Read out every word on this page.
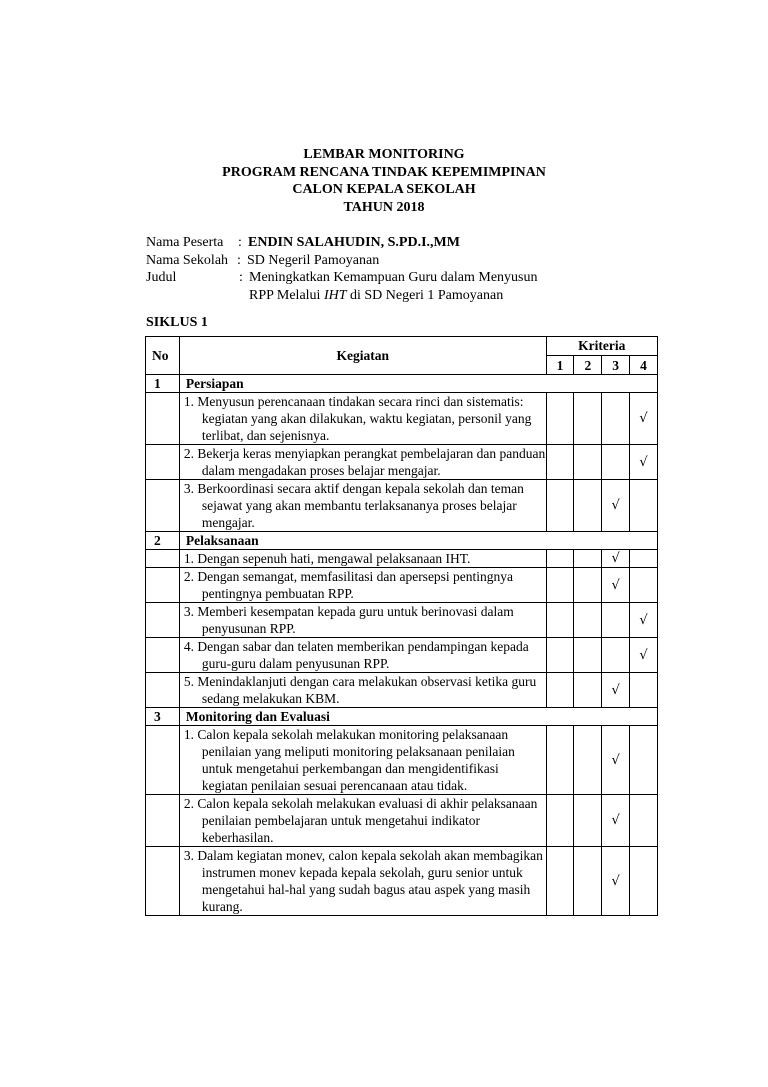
LEMBAR MONITORING
PROGRAM RENCANA TINDAK KEPEMIMPINAN
CALON KEPALA SEKOLAH
TAHUN 2018
Nama Peserta : ENDIN SALAHUDIN, S.PD.I.,MM
Nama Sekolah : SD Negeril Pamoyanan
Judul	: Meningkatkan Kemampuan Guru dalam Menyusun
RPP Melalui IHT di SD Negeri 1 Pamoyanan
SIKLUS 1
No	Kegiatan	Kriteria			
		1	2	3	4
1	Persiapan				

	1. Menyusun perencanaan tindakan secara rinci dan sistematis: kegiatan yang akan dilakukan, waktu kegiatan, personil yang terlibat, dan sejenisnya.				√

	2. Bekerja keras menyiapkan perangkat pembelajaran dan panduan dalam mengadakan proses belajar mengajar.				√

	3. Berkoordinasi secara aktif dengan kepala sekolah dan teman sejawat yang akan membantu terlaksananya proses belajar mengajar.			√	
2	Pelaksanaan				

	1. Dengan sepenuh hati, mengawal pelaksanaan IHT.			√	

	2. Dengan semangat, memfasilitasi dan apersepsi pentingnya pentingnya pembuatan RPP.			√	

	3. Memberi kesempatan kepada guru untuk berinovasi dalam penyusunan RPP.				√

	4. Dengan sabar dan telaten memberikan pendampingan kepada guru-guru dalam penyusunan RPP.				√

	5. Menindaklanjuti dengan cara melakukan observasi ketika guru sedang melakukan KBM.			√	
3	Monitoring dan Evaluasi				

	1. Calon kepala sekolah melakukan monitoring pelaksanaan penilaian yang meliputi monitoring pelaksanaan penilaian untuk mengetahui perkembangan dan mengidentifikasi kegiatan penilaian sesuai perencanaan atau tidak.			√	

	2. Calon kepala sekolah melakukan evaluasi di akhir pelaksanaan penilaian pembelajaran untuk mengetahui indikator keberhasilan.			√	

	3. Dalam kegiatan monev, calon kepala sekolah akan membagikan instrumen monev kepada kepala sekolah, guru senior untuk mengetahui hal-hal yang sudah bagus atau aspek yang masih kurang.			√	
